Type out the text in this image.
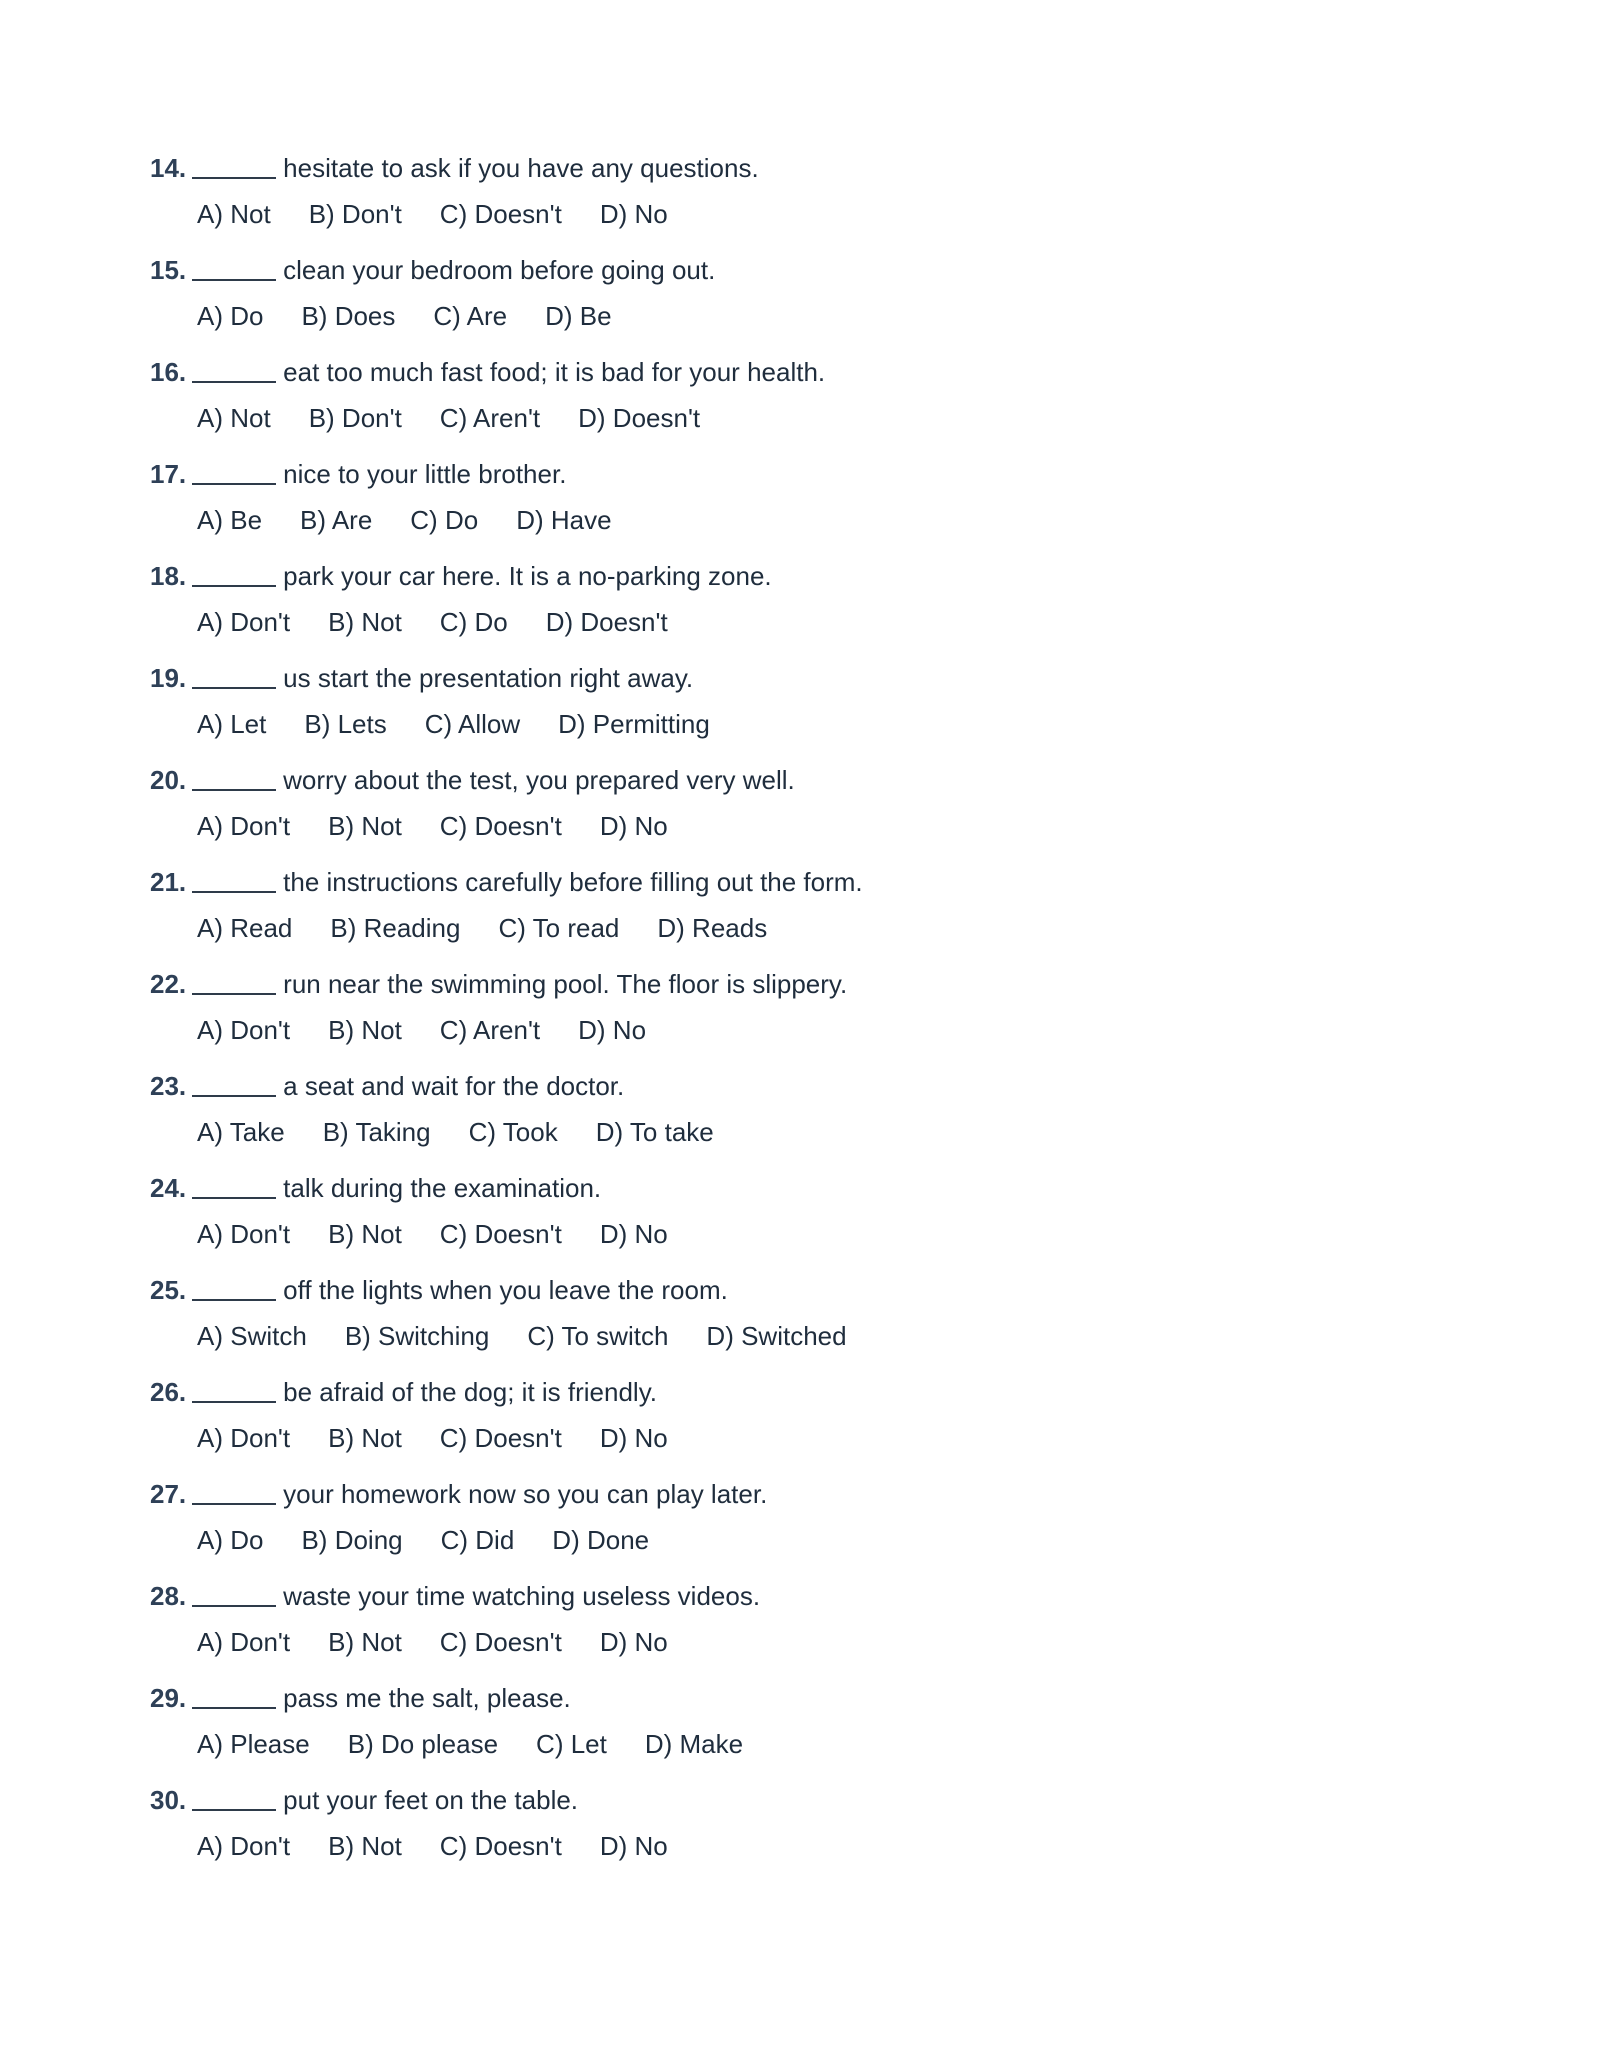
14.	hesitate to ask if you have any questions.
A) Not B) Don't C) Doesn't D) No
15.	clean your bedroom before going out.
A) Do B) Does C) Are D) Be
16.	eat too much fast food; it is bad for your health.
A) Not B) Don't C) Aren't D) Doesn't
17.	nice to your little brother.
A) Be B) Are C) Do D) Have
18.	park your car here. It is a no-parking zone.
A) Don't B) Not C) Do D) Doesn't
19.	us start the presentation right away.
A) Let B) Lets C) Allow D) Permitting
20.	worry about the test, you prepared very well.
A) Don't B) Not C) Doesn't D) No
21.	the instructions carefully before filling out the form.
A) Read B) Reading C) To read D) Reads
22.	run near the swimming pool. The floor is slippery.
A) Don't B) Not C) Aren't D) No
23.	a seat and wait for the doctor.
A) Take B) Taking C) Took D) To take
24.	talk during the examination.
A) Don't B) Not C) Doesn't D) No
25.	off the lights when you leave the room.
A) Switch B) Switching C) To switch D) Switched
26.	be afraid of the dog; it is friendly.
A) Don't B) Not C) Doesn't D) No
27.	your homework now so you can play later.
A) Do B) Doing C) Did D) Done
28.	waste your time watching useless videos.
A) Don't B) Not C) Doesn't D) No
29.	pass me the salt, please.
A) Please B) Do please C) Let D) Make
30.	put your feet on the table.
A) Don't B) Not C) Doesn't D) No
